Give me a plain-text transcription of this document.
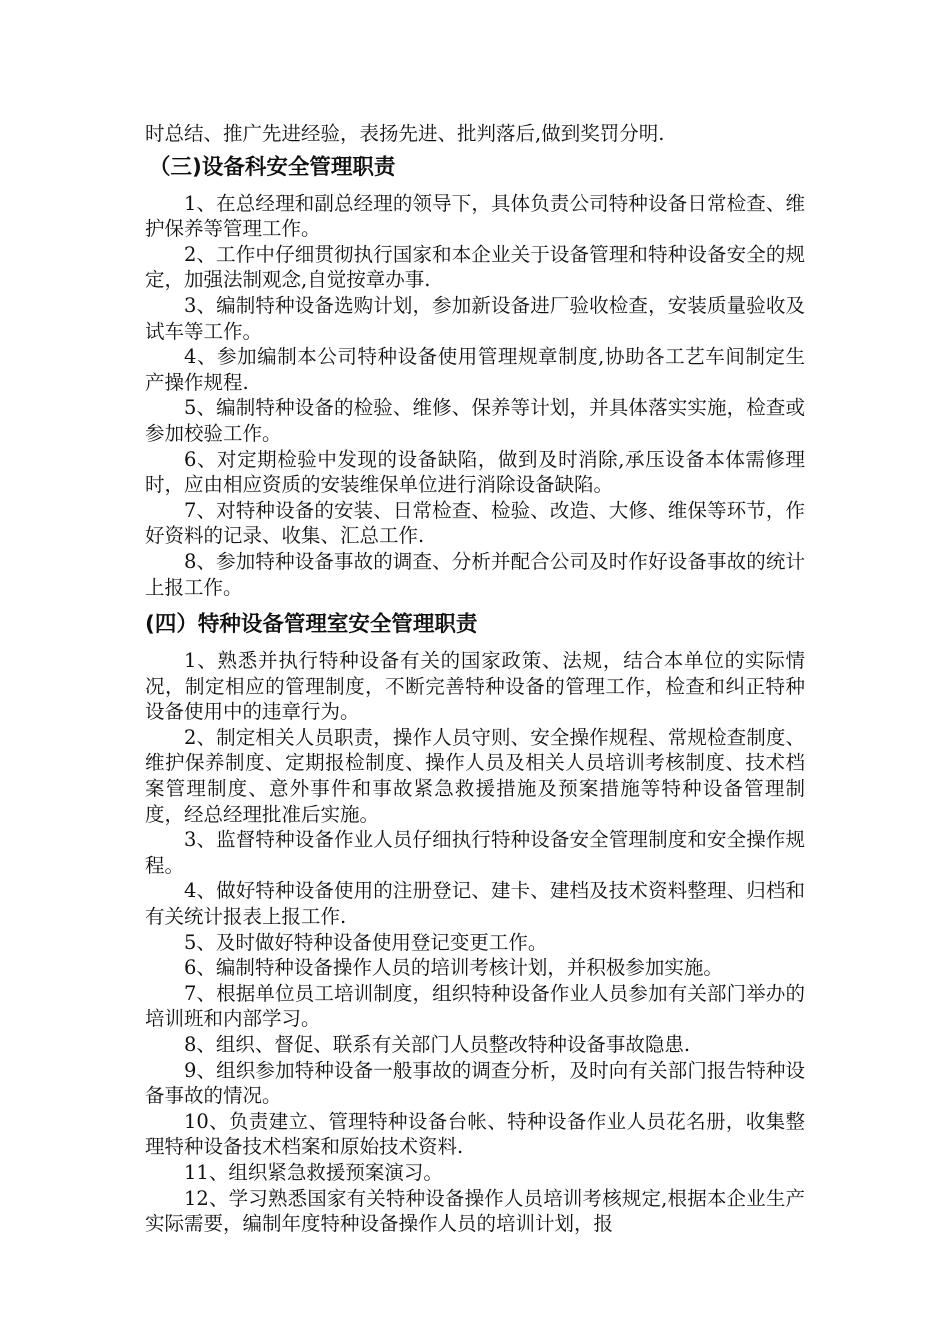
时总结、推广先进经验，表扬先进、批判落后,做到奖罚分明.

（三)设备科安全管理职责

1、在总经理和副总经理的领导下，具体负责公司特种设备日常检查、维护保养等管理工作。

2、工作中仔细贯彻执行国家和本企业关于设备管理和特种设备安全的规定，加强法制观念,自觉按章办事.

3、编制特种设备选购计划，参加新设备进厂验收检查，安装质量验收及试车等工作。

4、参加编制本公司特种设备使用管理规章制度,协助各工艺车间制定生产操作规程.

5、编制特种设备的检验、维修、保养等计划，并具体落实实施，检查或参加校验工作。

6、对定期检验中发现的设备缺陷，做到及时消除,承压设备本体需修理时，应由相应资质的安装维保单位进行消除设备缺陷。

7、对特种设备的安装、日常检查、检验、改造、大修、维保等环节，作好资料的记录、收集、汇总工作.

8、参加特种设备事故的调查、分析并配合公司及时作好设备事故的统计上报工作。

(四）特种设备管理室安全管理职责

1、熟悉并执行特种设备有关的国家政策、法规，结合本单位的实际情况，制定相应的管理制度，不断完善特种设备的管理工作，检查和纠正特种设备使用中的违章行为。

2、制定相关人员职责，操作人员守则、安全操作规程、常规检查制度、维护保养制度、定期报检制度、操作人员及相关人员培训考核制度、技术档案管理制度、意外事件和事故紧急救援措施及预案措施等特种设备管理制度，经总经理批准后实施。

3、监督特种设备作业人员仔细执行特种设备安全管理制度和安全操作规程。

4、做好特种设备使用的注册登记、建卡、建档及技术资料整理、归档和有关统计报表上报工作.

5、及时做好特种设备使用登记变更工作。

6、编制特种设备操作人员的培训考核计划，并积极参加实施。

7、根据单位员工培训制度，组织特种设备作业人员参加有关部门举办的培训班和内部学习。

8、组织、督促、联系有关部门人员整改特种设备事故隐患.

9、组织参加特种设备一般事故的调查分析，及时向有关部门报告特种设备事故的情况。

10、负责建立、管理特种设备台帐、特种设备作业人员花名册，收集整理特种设备技术档案和原始技术资料.

11、组织紧急救援预案演习。

12、学习熟悉国家有关特种设备操作人员培训考核规定,根据本企业生产实际需要，编制年度特种设备操作人员的培训计划，报
